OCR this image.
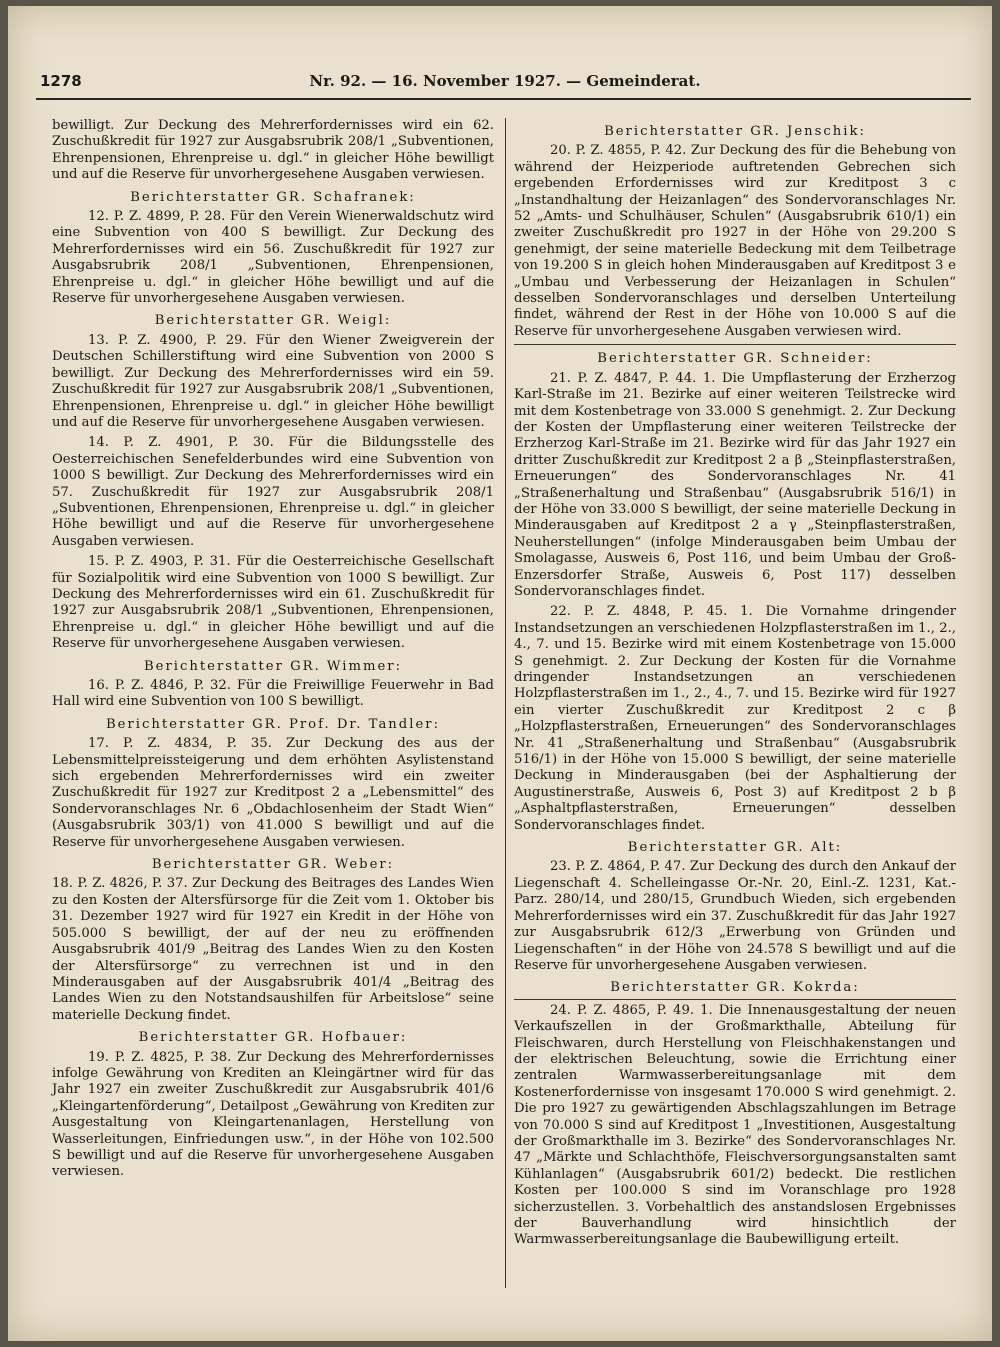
1278	Nr. 92. — 16. November 1927. — Gemeinderat.

bewilligt. Zur Deckung des Mehrerfordernisses wird ein 62. Zuschußkredit für 1927 zur Ausgabsrubrik 208/1 „Subventionen, Ehrenpensionen, Ehrenpreise u. dgl.“ in gleicher Höhe bewilligt und auf die Reserve für unvorhergesehene Ausgaben verwiesen.

Berichterstatter GR. Schafranek:

12. P. Z. 4899, P. 28. Für den Verein Wienerwaldschutz wird eine Subvention von 400 S bewilligt. Zur Deckung des Mehrerfordernisses wird ein 56. Zuschußkredit für 1927 zur Ausgabsrubrik 208/1 „Subventionen, Ehrenpensionen, Ehrenpreise u. dgl.“ in gleicher Höhe bewilligt und auf die Reserve für unvorhergesehene Ausgaben verwiesen.

Berichterstatter GR. Weigl:

13. P. Z. 4900, P. 29. Für den Wiener Zweigverein der Deutschen Schillerstiftung wird eine Subvention von 2000 S bewilligt. Zur Deckung des Mehrerfordernisses wird ein 59. Zuschußkredit für 1927 zur Ausgabsrubrik 208/1 „Subventionen, Ehrenpensionen, Ehrenpreise u. dgl.“ in gleicher Höhe bewilligt und auf die Reserve für unvorhergesehene Ausgaben verwiesen.

14. P. Z. 4901, P. 30. Für die Bildungsstelle des Oesterreichischen Senefelderbundes wird eine Subvention von 1000 S bewilligt. Zur Deckung des Mehrerfordernisses wird ein 57. Zuschußkredit für 1927 zur Ausgabsrubrik 208/1 „Subventionen, Ehrenpensionen, Ehrenpreise u. dgl.“ in gleicher Höhe bewilligt und auf die Reserve für unvorhergesehene Ausgaben verwiesen.

15. P. Z. 4903, P. 31. Für die Oesterreichische Gesellschaft für Sozialpolitik wird eine Subvention von 1000 S bewilligt. Zur Deckung des Mehrerfordernisses wird ein 61. Zuschußkredit für 1927 zur Ausgabsrubrik 208/1 „Subventionen, Ehrenpensionen, Ehrenpreise u. dgl.“ in gleicher Höhe bewilligt und auf die Reserve für unvorhergesehene Ausgaben verwiesen.

Berichterstatter GR. Wimmer:

16. P. Z. 4846, P. 32. Für die Freiwillige Feuerwehr in Bad Hall wird eine Subvention von 100 S bewilligt.

Berichterstatter GR. Prof. Dr. Tandler:

17. P. Z. 4834, P. 35. Zur Deckung des aus der Lebensmittelpreissteigerung und dem erhöhten Asylistenstand sich ergebenden Mehrerfordernisses wird ein zweiter Zuschußkredit für 1927 zur Kreditpost 2 a „Lebensmittel“ des Sondervoranschlages Nr. 6 „Obdachlosenheim der Stadt Wien“ (Ausgabsrubrik 303/1) von 41.000 S bewilligt und auf die Reserve für unvorhergesehene Ausgaben verwiesen.

Berichterstatter GR. Weber:

18. P. Z. 4826, P. 37. Zur Deckung des Beitrages des Landes Wien zu den Kosten der Altersfürsorge für die Zeit vom 1. Oktober bis 31. Dezember 1927 wird für 1927 ein Kredit in der Höhe von 505.000 S bewilligt, der auf der neu zu eröffnenden Ausgabsrubrik 401/9 „Beitrag des Landes Wien zu den Kosten der Altersfürsorge“ zu verrechnen ist und in den Minderausgaben auf der Ausgabsrubrik 401/4 „Beitrag des Landes Wien zu den Notstandsaushilfen für Arbeitslose“ seine materielle Deckung findet.

Berichterstatter GR. Hofbauer:

19. P. Z. 4825, P. 38. Zur Deckung des Mehrerfordernisses infolge Gewährung von Krediten an Kleingärtner wird für das Jahr 1927 ein zweiter Zuschußkredit zur Ausgabsrubrik 401/6 „Kleingartenförderung“, Detailpost „Gewährung von Krediten zur Ausgestaltung von Kleingartenanlagen, Herstellung von Wasserleitungen, Einfriedungen usw.“, in der Höhe von 102.500 S bewilligt und auf die Reserve für unvorhergesehene Ausgaben verwiesen.

Berichterstatter GR. Jenschik:

20. P. Z. 4855, P. 42. Zur Deckung des für die Behebung von während der Heizperiode auftretenden Gebrechen sich ergebenden Erfordernisses wird zur Kreditpost 3 c „Instandhaltung der Heizanlagen“ des Sondervoranschlages Nr. 52 „Amts- und Schulhäuser, Schulen“ (Ausgabsrubrik 610/1) ein zweiter Zuschußkredit pro 1927 in der Höhe von 29.200 S genehmigt, der seine materielle Bedeckung mit dem Teilbetrage von 19.200 S in gleich hohen Minderausgaben auf Kreditpost 3 e „Umbau und Verbesserung der Heizanlagen in Schulen“ desselben Sondervoranschlages und derselben Unterteilung findet, während der Rest in der Höhe von 10.000 S auf die Reserve für unvorhergesehene Ausgaben verwiesen wird.

Berichterstatter GR. Schneider:

21. P. Z. 4847, P. 44. 1. Die Umpflasterung der Erzherzog Karl-Straße im 21. Bezirke auf einer weiteren Teilstrecke wird mit dem Kostenbetrage von 33.000 S genehmigt. 2. Zur Deckung der Kosten der Umpflasterung einer weiteren Teilstrecke der Erzherzog Karl-Straße im 21. Bezirke wird für das Jahr 1927 ein dritter Zuschußkredit zur Kreditpost 2 a β „Steinpflasterstraßen, Erneuerungen“ des Sondervoranschlages Nr. 41 „Straßenerhaltung und Straßenbau“ (Ausgabsrubrik 516/1) in der Höhe von 33.000 S bewilligt, der seine materielle Deckung in Minderausgaben auf Kreditpost 2 a γ „Steinpflasterstraßen, Neuherstellungen“ (infolge Minderausgaben beim Umbau der Smolagasse, Ausweis 6, Post 116, und beim Umbau der Groß-Enzersdorfer Straße, Ausweis 6, Post 117) desselben Sondervoranschlages findet.

22. P. Z. 4848, P. 45. 1. Die Vornahme dringender Instandsetzungen an verschiedenen Holzpflasterstraßen im 1., 2., 4., 7. und 15. Bezirke wird mit einem Kostenbetrage von 15.000 S genehmigt. 2. Zur Deckung der Kosten für die Vornahme dringender Instandsetzungen an verschiedenen Holzpflasterstraßen im 1., 2., 4., 7. und 15. Bezirke wird für 1927 ein vierter Zuschußkredit zur Kreditpost 2 c β „Holzpflasterstraßen, Erneuerungen“ des Sondervoranschlages Nr. 41 „Straßenerhaltung und Straßenbau“ (Ausgabsrubrik 516/1) in der Höhe von 15.000 S bewilligt, der seine materielle Deckung in Minderausgaben (bei der Asphaltierung der Augustinerstraße, Ausweis 6, Post 3) auf Kreditpost 2 b β „Asphaltpflasterstraßen, Erneuerungen“ desselben Sondervoranschlages findet.

Berichterstatter GR. Alt:

23. P. Z. 4864, P. 47. Zur Deckung des durch den Ankauf der Liegenschaft 4. Schelleingasse Or.-Nr. 20, Einl.-Z. 1231, Kat.-Parz. 280/14, und 280/15, Grundbuch Wieden, sich ergebenden Mehrerfordernisses wird ein 37. Zuschußkredit für das Jahr 1927 zur Ausgabsrubrik 612/3 „Erwerbung von Gründen und Liegenschaften“ in der Höhe von 24.578 S bewilligt und auf die Reserve für unvorhergesehene Ausgaben verwiesen.

Berichterstatter GR. Kokrda:

24. P. Z. 4865, P. 49. 1. Die Innenausgestaltung der neuen Verkaufszellen in der Großmarkthalle, Abteilung für Fleischwaren, durch Herstellung von Fleischhakenstangen und der elektrischen Beleuchtung, sowie die Errichtung einer zentralen Warmwasserbereitungsanlage mit dem Kostenerfordernisse von insgesamt 170.000 S wird genehmigt. 2. Die pro 1927 zu gewärtigenden Abschlagszahlungen im Betrage von 70.000 S sind auf Kreditpost 1 „Investitionen, Ausgestaltung der Großmarkthalle im 3. Bezirke“ des Sondervoranschlages Nr. 47 „Märkte und Schlachthöfe, Fleischversorgungsanstalten samt Kühlanlagen“ (Ausgabsrubrik 601/2) bedeckt. Die restlichen Kosten per 100.000 S sind im Voranschlage pro 1928 sicherzustellen. 3. Vorbehaltlich des anstandslosen Ergebnisses der Bauverhandlung wird hinsichtlich der Warmwasserbereitungsanlage die Baubewilligung erteilt.
